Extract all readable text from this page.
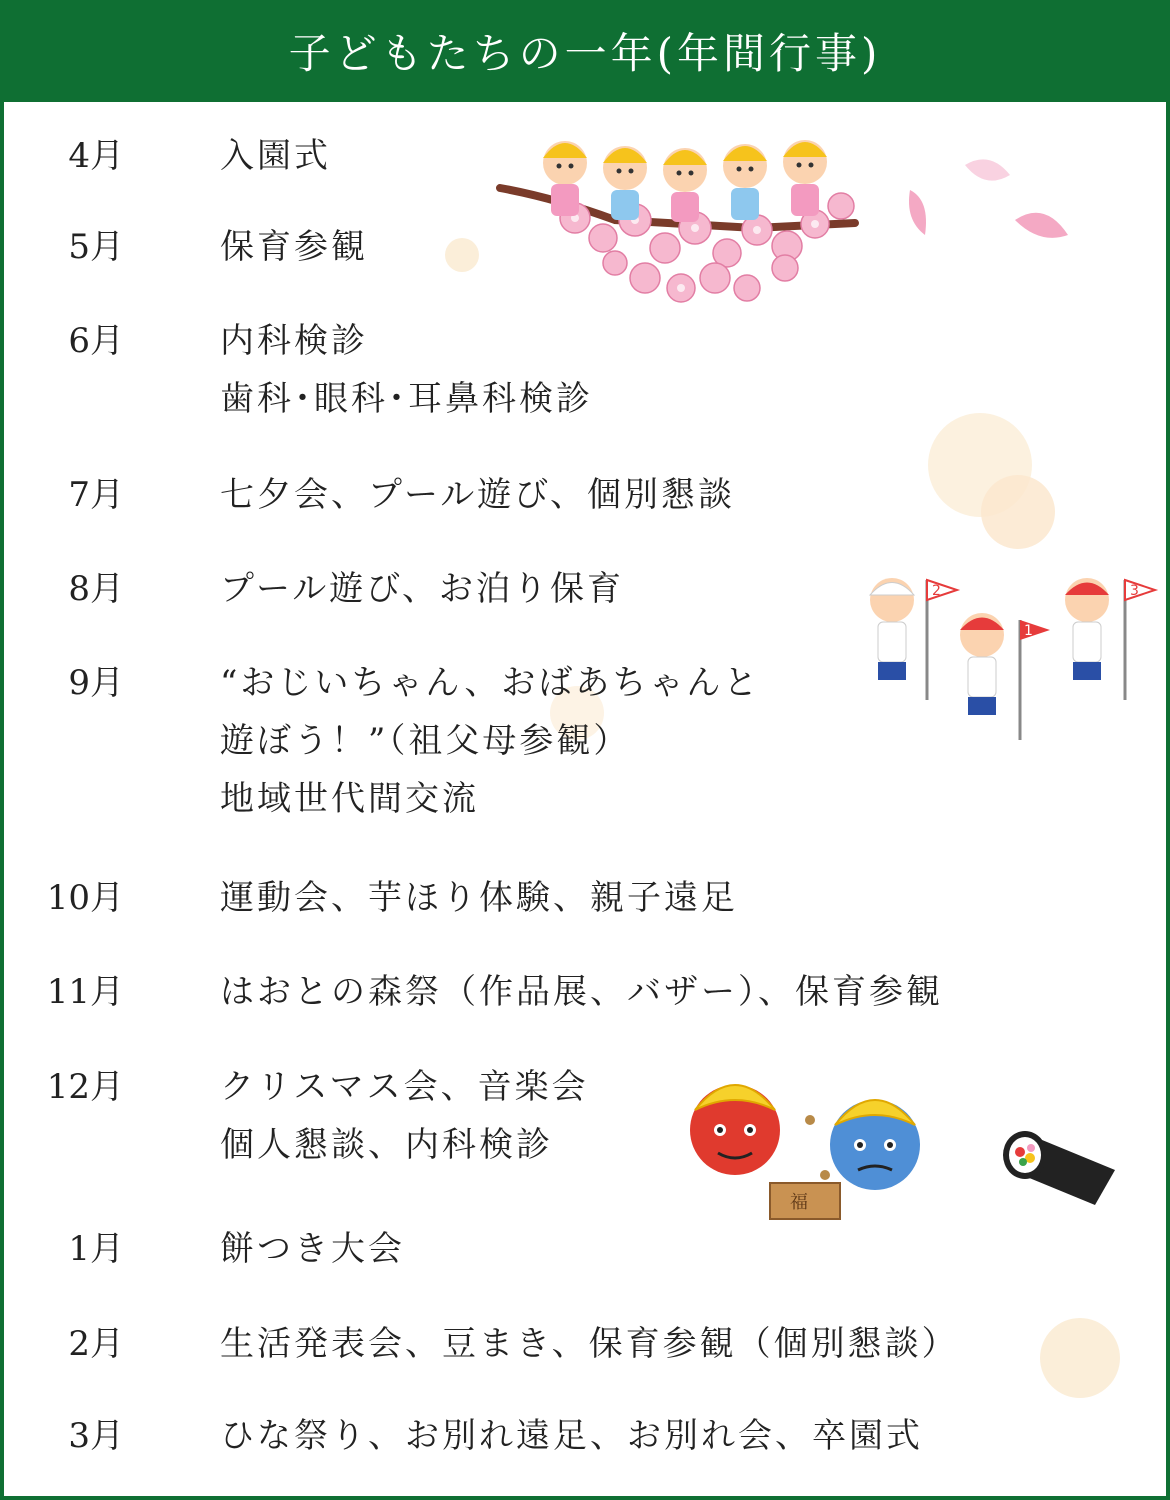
子どもたちの一年(年間行事)
2
1
3
福
4月	入園式
5月	保育参観
6月	内科検診
歯科･眼科･耳鼻科検診
7月	七夕会、プール遊び、個別懇談
8月	プール遊び、お泊り保育
9月	“おじいちゃん、おばあちゃんと
遊ぼう！”（祖父母参観）
地域世代間交流
10月	運動会、芋ほり体験、親子遠足
11月	はおとの森祭（作品展、バザー）、保育参観
12月	クリスマス会、音楽会
個人懇談、内科検診
1月	餅つき大会
2月	生活発表会、豆まき、保育参観（個別懇談）
3月	ひな祭り、お別れ遠足、お別れ会、卒園式
